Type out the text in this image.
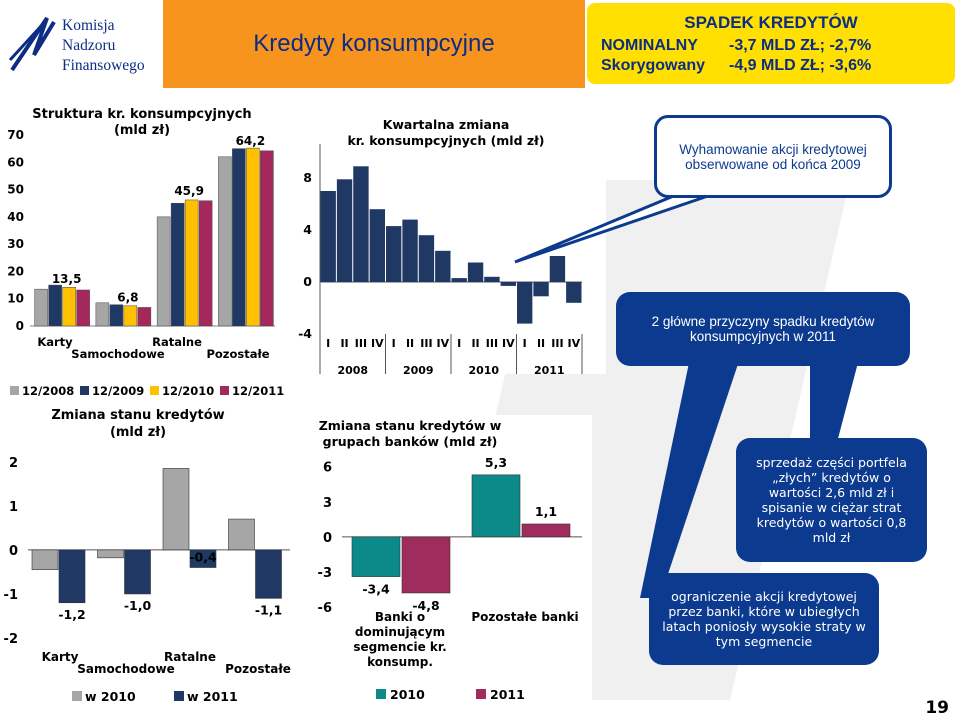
Komisja
Nadzoru
Finansowego
Kredyty konsumpcyjne
SPADEK KREDYTÓW
NOMINALNY -3,7 MLD ZŁ; -2,7%
Skorygowany -4,9 MLD ZŁ; -3,6%
Struktura kr. konsumpcyjnych
(mld zł)
0
10
20
30
40
50
60
70
Karty
Samochodowe
Ratalne
Pozostałe
13,5
6,8
45,9
64,2
Kwartalna zmiana
kr. konsumpcyjnych (mld zł)
-4
0
4
8
I II III IV I II III IV I II III IV I II III IV
2008	2009	2010	2011
12/2008 12/2009 12/2010 12/2011
Zmiana stanu kredytów
(mld zł)
-2
-1
0
1
2
-1,2
-1,0
-0,4
-1,1
Karty
Samochodowe
Ratalne
Pozostałe
w 2010	w 2011
Zmiana stanu kredytów w
grupach banków (mld zł)
-6
-3
0
3
6
-3,4
-4,8
5,3
1,1
Banki o
dominującym
segmencie kr.
konsump.
Pozostałe banki
2010	2011
Wyhamowanie akcji kredytowej obserwowane od końca 2009
2 główne przyczyny spadku kredytów konsumpcyjnych w 2011
sprzedaż części portfela „złych” kredytów o wartości 2,6 mld zł i spisanie w ciężar strat kredytów o wartości 0,8 mld zł
ograniczenie akcji kredytowej przez banki, które w ubiegłych latach poniosły wysokie straty w tym segmencie
19
